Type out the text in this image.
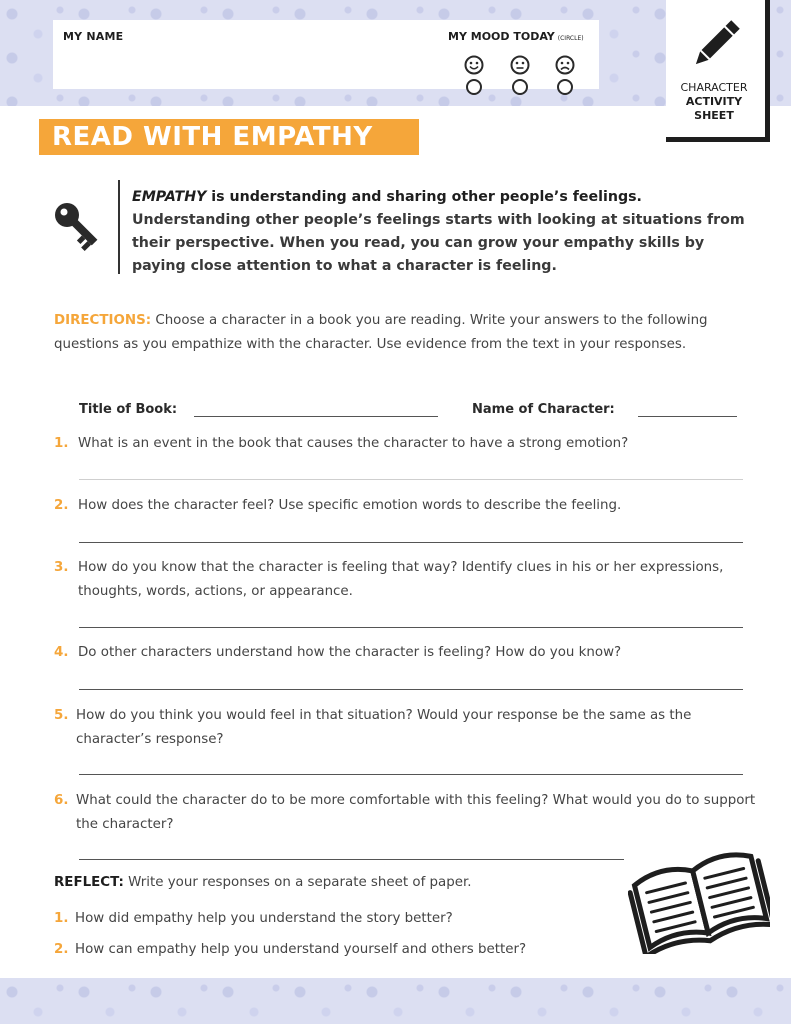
MY NAME	MY MOOD TODAY (CIRCLE)
CHARACTER
ACTIVITY
SHEET
READ WITH EMPATHY
EMPATHY is understanding and sharing other people’s feelings.
Understanding other people’s feelings starts with looking at situations from their perspective. When you read, you can grow your empathy skills by paying close attention to what a character is feeling.
DIRECTIONS: Choose a character in a book you are reading. Write your answers to the following questions as you empathize with the character. Use evidence from the text in your responses.
Title of Book:	Name of Character:
1. What is an event in the book that causes the character to have a strong emotion?
2. How does the character feel? Use specific emotion words to describe the feeling.
3. How do you know that the character is feeling that way? Identify clues in his or her expressions, thoughts, words, actions, or appearance.
4. Do other characters understand how the character is feeling? How do you know?
5. How do you think you would feel in that situation? Would your response be the same as the character’s response?
6. What could the character do to be more comfortable with this feeling? What would you do to support the character?
REFLECT: Write your responses on a separate sheet of paper.
1. How did empathy help you understand the story better?
2. How can empathy help you understand yourself and others better?
